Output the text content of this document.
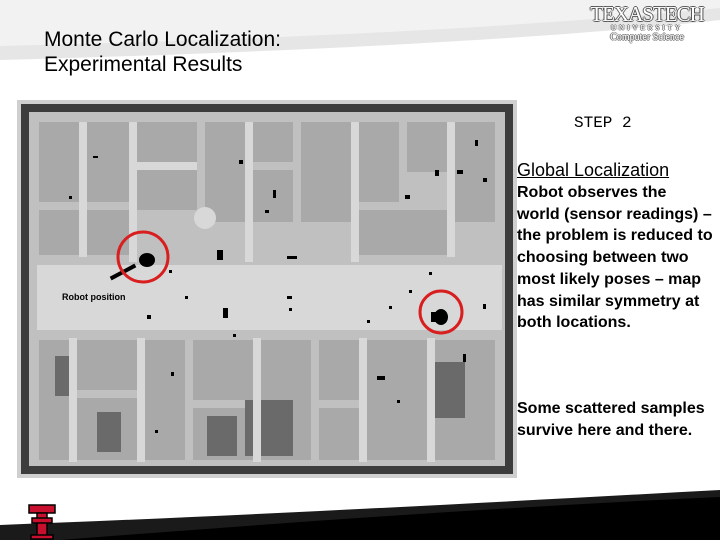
Monte Carlo Localization:
Experimental Results
TEXASTECH
UNIVERSITY
Computer Science
Robot position
STEP 2
Global Localization
Robot observes the world (sensor readings) – the problem is reduced to choosing between two most likely poses – map has similar symmetry at both locations.
Some scattered samples survive here and there.
